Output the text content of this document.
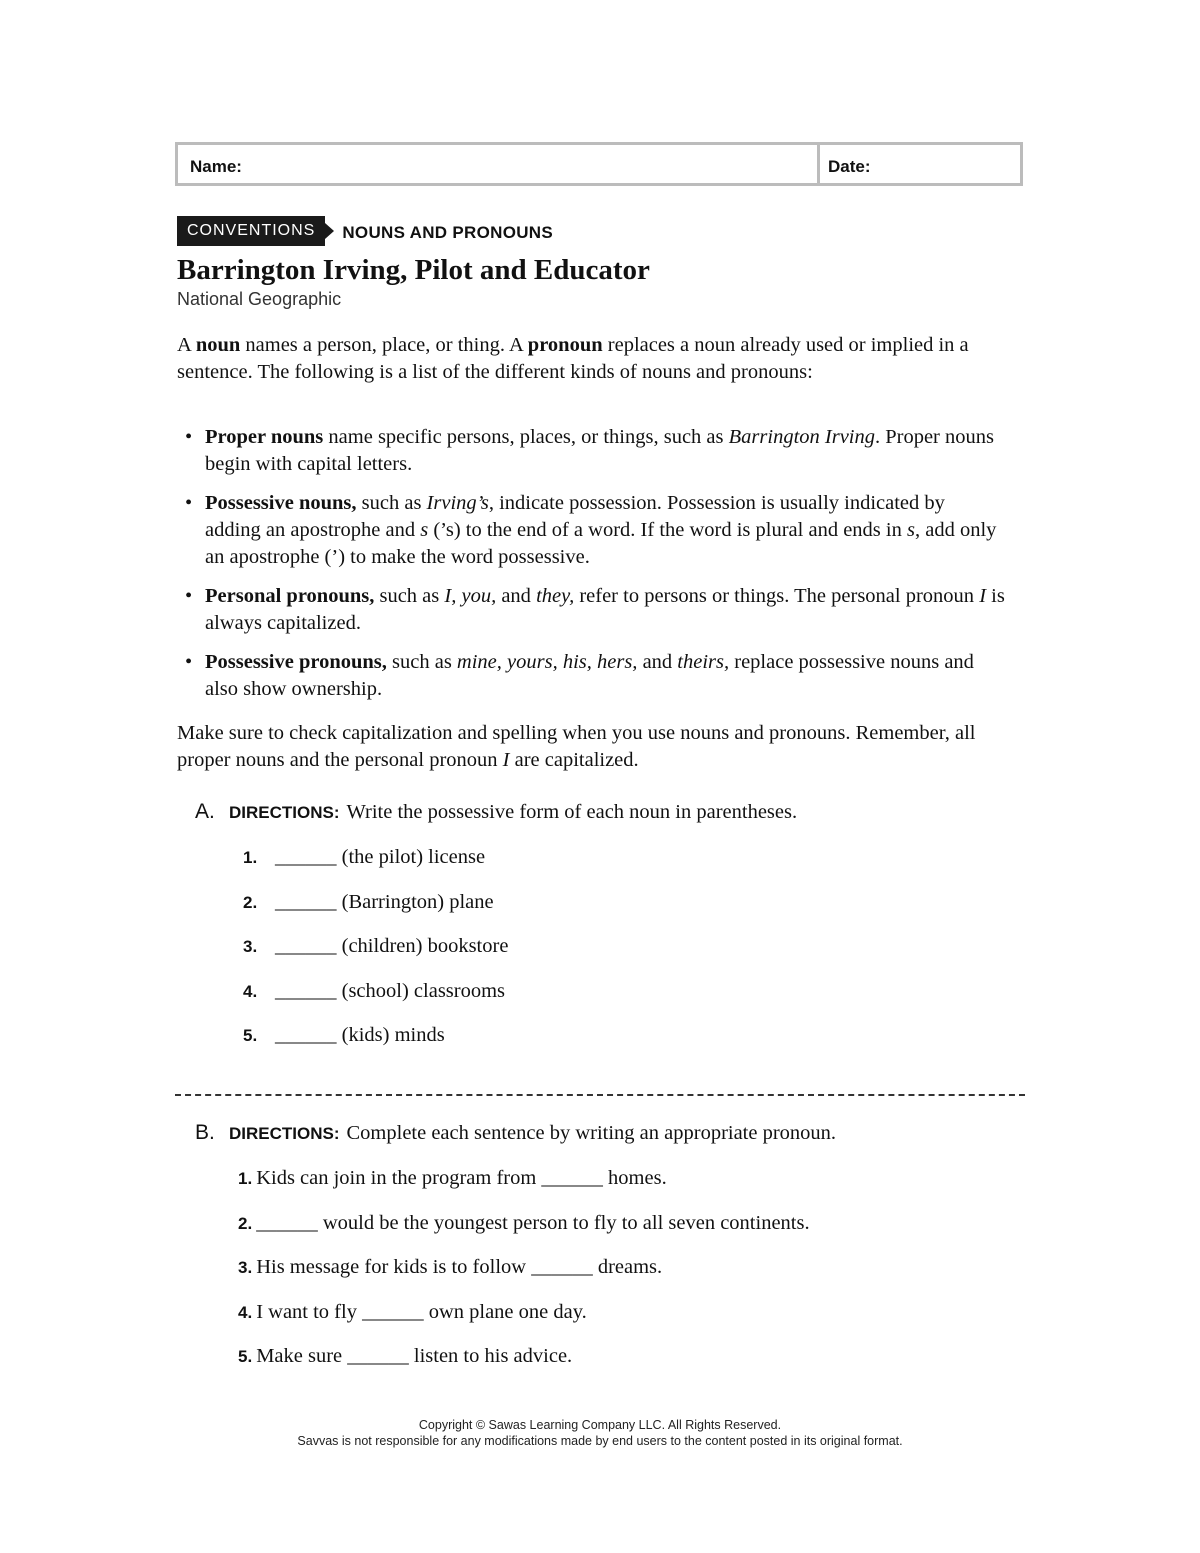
Name:	Date:
CONVENTIONS	NOUNS AND PRONOUNS
Barrington Irving, Pilot and Educator
National Geographic

A noun names a person, place, or thing. A pronoun replaces a noun already used or implied in a sentence. The following is a list of the different kinds of nouns and pronouns:

• Proper nouns name specific persons, places, or things, such as Barrington Irving. Proper nouns begin with capital letters.
• Possessive nouns, such as Irving’s, indicate possession. Possession is usually indicated by adding an apostrophe and s (’s) to the end of a word. If the word is plural and ends in s, add only an apostrophe (’) to make the word possessive.
• Personal pronouns, such as I, you, and they, refer to persons or things. The personal pronoun I is always capitalized.
• Possessive pronouns, such as mine, yours, his, hers, and theirs, replace possessive nouns and also show ownership.

Make sure to check capitalization and spelling when you use nouns and pronouns. Remember, all proper nouns and the personal pronoun I are capitalized.

A. DIRECTIONS: Write the possessive form of each noun in parentheses.
1. ______ (the pilot) license
2. ______ (Barrington) plane
3. ______ (children) bookstore
4. ______ (school) classrooms
5. ______ (kids) minds
B. DIRECTIONS: Complete each sentence by writing an appropriate pronoun.
1. Kids can join in the program from ______ homes.
2. ______ would be the youngest person to fly to all seven continents.
3. His message for kids is to follow ______ dreams.
4. I want to fly ______ own plane one day.
5. Make sure ______ listen to his advice.
Copyright © Sawas Learning Company LLC. All Rights Reserved.
Savvas is not responsible for any modifications made by end users to the content posted in its original format.
